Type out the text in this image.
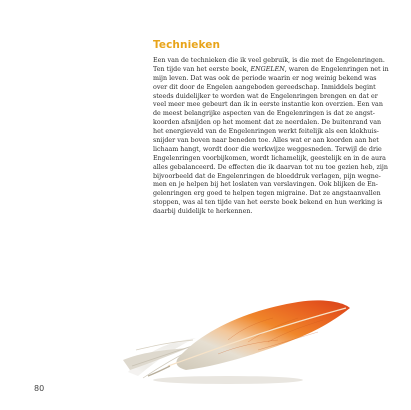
Technieken
Een van de technieken die ik veel gebruik, is die met de Engelenringen.
Ten tijde van het eerste boek, ENGELEN, waren de Engelenringen net in
mijn leven. Dat was ook de periode waarin er nog weinig bekend was
over dit door de Engelen aangeboden gereedschap. Inmiddels begint
steeds duidelijker te worden wat de Engelenringen brengen en dat er
veel meer mee gebeurt dan ik in eerste instantie kon overzien. Een van
de meest belangrijke aspecten van de Engelenringen is dat ze angst-
koorden afsnijden op het moment dat ze neerdalen. De buitenrand van
het energieveld van de Engelenringen werkt feitelijk als een klokhuis-
snijder van boven naar beneden toe. Alles wat er aan koorden aan het
lichaam hangt, wordt door die werkwijze weggesneden. Terwijl de drie
Engelenringen voorbijkomen, wordt lichamelijk, geestelijk en in de aura
alles gebalanceerd. De effecten die ik daarvan tot nu toe gezien heb, zijn
bijvoorbeeld dat de Engelenringen de bloeddruk verlagen, pijn wegne-
men en je helpen bij het loslaten van verslavingen. Ook blijken de En-
gelenringen erg goed te helpen tegen migraine. Dat ze angstaanvallen
stoppen, was al ten tijde van het eerste boek bekend en hun werking is
daarbij duidelijk te herkennen.
80
